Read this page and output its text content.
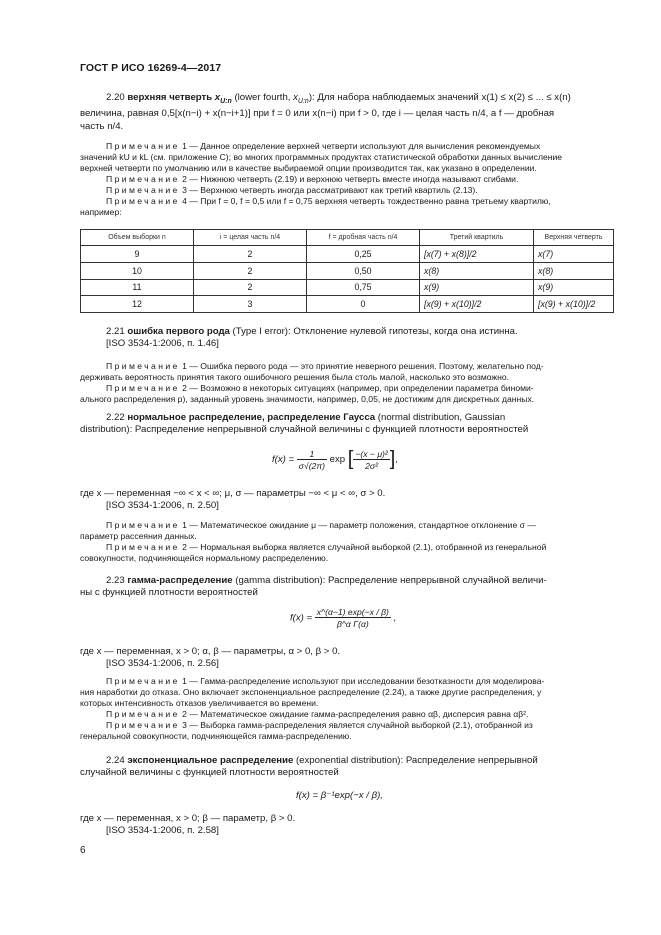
ГОСТ Р ИСО 16269-4—2017

2.20 верхняя четверть $x_{U:n}$ (lower fourth, $x_{U:n}$): Для набора наблюдаемых значений x(1) ≤ x(2) ≤ ... ≤ x(n)

величина, равная 0,5[x(n−i) + x(n−i+1)] при f = 0 или x(n−i) при f > 0, где i — целая часть n/4, а f — дробная

часть n/4.

Примечание 1 — Данное определение верхней четверти используют для вычисления рекомендуемых

значений kU и kL (см. приложение C); во многих программных продуктах статистической обработки данных вычисление

верхней четверти по умолчанию или в качестве выбираемой опции производится так, как указано в определении.

Примечание 2 — Нижнюю четверть (2.19) и верхнюю четверть вместе иногда называют сгибами.

Примечание 3 — Верхнюю четверть иногда рассматривают как третий квартиль (2.13).

Примечание 4 — При f = 0, f = 0,5 или f = 0,75 верхняя четверть тождественно равна третьему квартилю,

например:

Объем выборки n	i = целая часть n/4	f = дробная часть n/4	Третий квартиль	Верхняя четверть
9	2	0,25	[x(7) + x(8)]/2	x(7)
10	2	0,50	x(8)	x(8)
11	2	0,75	x(9)	x(9)
12	3	0	[x(9) + x(10)]/2	[x(9) + x(10)]/2

2.21 ошибка первого рода (Type I error): Отклонение нулевой гипотезы, когда она истинна.

[ISO 3534-1:2006, п. 1.46]

Примечание 1 — Ошибка первого рода — это принятие неверного решения. Поэтому, желательно под-

держивать вероятность принятия такого ошибочного решения была столь малой, насколько это возможно.

Примечание 2 — Возможно в некоторых ситуациях (например, при определении параметра биноми-

ального распределения p), заданный уровень значимости, например, 0,05, не достижим для дискретных данных.

2.22 нормальное распределение, распределение Гаусса (normal distribution, Gaussian

distribution): Распределение непрерывной случайной величины с функцией плотности вероятностей

$f(x) = \frac{1}{\sigma√(2\pi)}$ exp [ $\frac{\text{−(x − μ)²}}{\text{2σ²}}$ ],

где x — переменная −∞ < x < ∞; μ, σ — параметры −∞ < μ < ∞, σ > 0.

[ISO 3534-1:2006, п. 2.50]

Примечание 1 — Математическое ожидание μ — параметр положения, стандартное отклонение σ —

параметр рассеяния данных.

Примечание 2 — Нормальная выборка является случайной выборкой (2.1), отобранной из генеральной

совокупности, подчиняющейся нормальному распределению.

2.23 гамма-распределение (gamma distribution): Распределение непрерывной случайной величи-

ны с функцией плотности вероятностей

$f(x) = \frac{x\^{}(\alpha-1) \exp(-x / \beta)}{\text{β\textasciicircum{}α Γ(α)}}$ ,

где x — переменная, x > 0; α, β — параметры, α > 0, β > 0.

[ISO 3534-1:2006, п. 2.56]

Примечание 1 — Гамма-распределение используют при исследовании безотказности для моделирова-

ния наработки до отказа. Оно включает экспоненциальное распределение (2.24), а также другие распределения, у

которых интенсивность отказов увеличивается во времени.

Примечание 2 — Математическое ожидание гамма-распределения равно αβ, дисперсия равна αβ².

Примечание 3 — Выборка гамма-распределения является случайной выборкой (2.1), отобранной из

генеральной совокупности, подчиняющейся гамма-распределению.

2.24 экспоненциальное распределение (exponential distribution): Распределение непрерывной

случайной величины с функцией плотности вероятностей

f(x) = β⁻¹exp(−x / β),

где x — переменная, x > 0; β — параметр, β > 0.

[ISO 3534-1:2006, п. 2.58]

6
